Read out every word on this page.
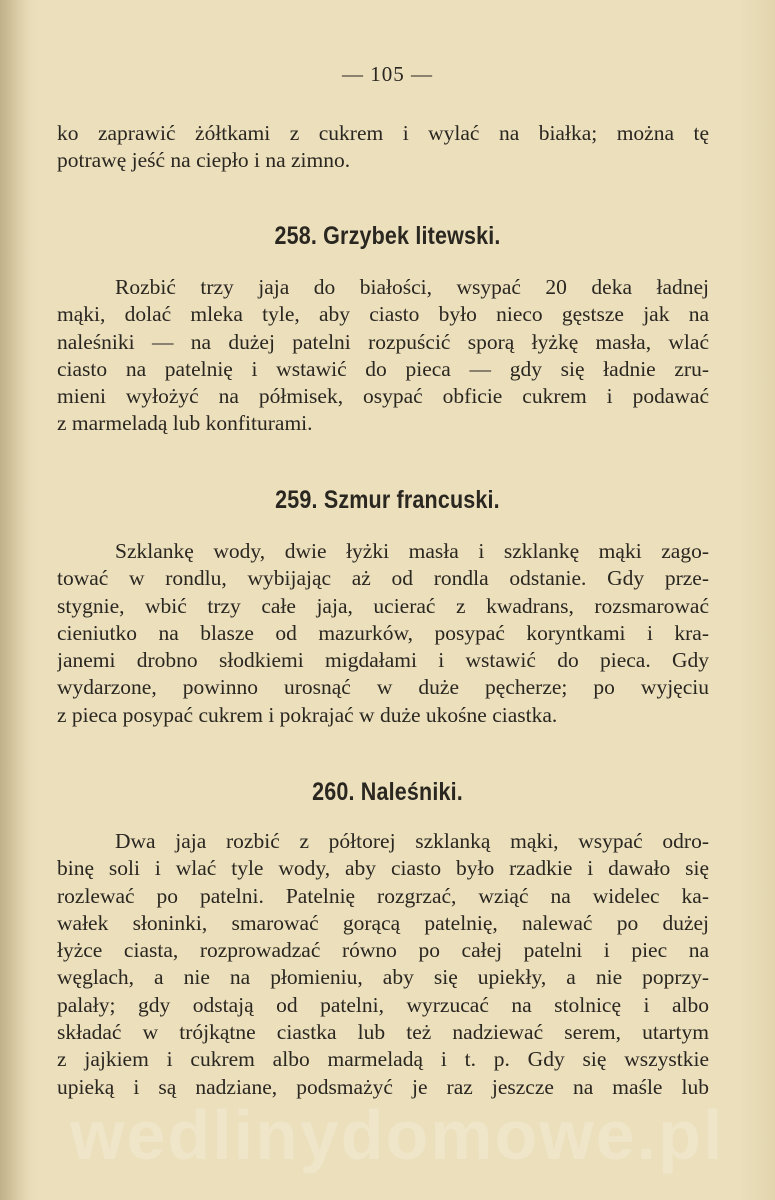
— 105 —

ko zaprawić żółtkami z cukrem i wylać na białka; można tę
potrawę jeść na ciepło i na zimno.

258. Grzybek litewski.

Rozbić trzy jaja do białości, wsypać 20 deka ładnej
mąki, dolać mleka tyle, aby ciasto było nieco gęstsze jak na
naleśniki — na dużej patelni rozpuścić sporą łyżkę masła, wlać
ciasto na patelnię i wstawić do pieca — gdy się ładnie zru-
mieni wyłożyć na półmisek, osypać obficie cukrem i podawać
z marmeladą lub konfiturami.

259. Szmur francuski.

Szklankę wody, dwie łyżki masła i szklankę mąki zago-
tować w rondlu, wybijając aż od rondla odstanie. Gdy prze-
stygnie, wbić trzy całe jaja, ucierać z kwadrans, rozsmarować
cieniutko na blasze od mazurków, posypać koryntkami i kra-
janemi drobno słodkiemi migdałami i wstawić do pieca. Gdy
wydarzone, powinno urosnąć w duże pęcherze; po wyjęciu
z pieca posypać cukrem i pokrajać w duże ukośne ciastka.

260. Naleśniki.

Dwa jaja rozbić z półtorej szklanką mąki, wsypać odro-
binę soli i wlać tyle wody, aby ciasto było rzadkie i dawało się
rozlewać po patelni. Patelnię rozgrzać, wziąć na widelec ka-
wałek słoninki, smarować gorącą patelnię, nalewać po dużej
łyżce ciasta, rozprowadzać równo po całej patelni i piec na
węglach, a nie na płomieniu, aby się upiekły, a nie poprzy-
palały; gdy odstają od patelni, wyrzucać na stolnicę i albo
składać w trójkątne ciastka lub też nadziewać serem, utartym
z jajkiem i cukrem albo marmeladą i t. p. Gdy się wszystkie
upieką i są nadziane, podsmażyć je raz jeszcze na maśle lub

wedlinydomowe.pl
